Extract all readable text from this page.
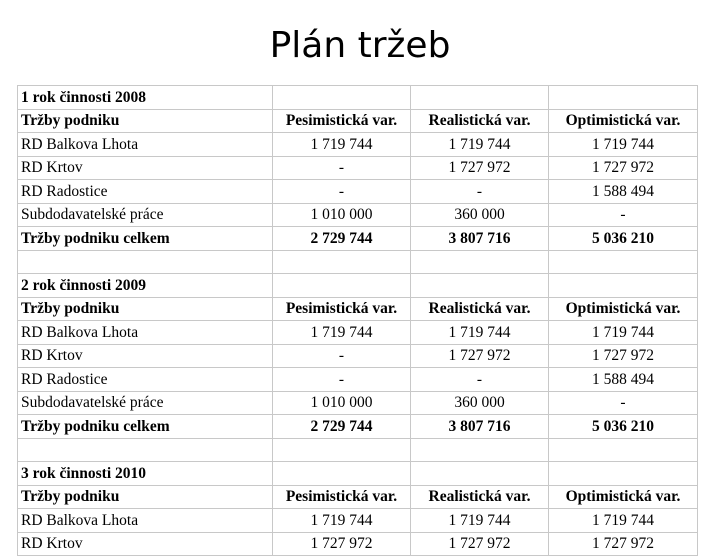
Plán tržeb
1 rok činnosti 2008			
Tržby podniku	Pesimistická var.	Realistická var.	Optimistická var.
RD Balkova Lhota	1 719 744	1 719 744	1 719 744
RD Krtov	-	1 727 972	1 727 972
RD Radostice	-	-	1 588 494
Subdodavatelské práce	1 010 000	360 000	-
Tržby podniku celkem	2 729 744	3 807 716	5 036 210

2 rok činnosti 2009			
Tržby podniku	Pesimistická var.	Realistická var.	Optimistická var.
RD Balkova Lhota	1 719 744	1 719 744	1 719 744
RD Krtov	-	1 727 972	1 727 972
RD Radostice	-	-	1 588 494
Subdodavatelské práce	1 010 000	360 000	-
Tržby podniku celkem	2 729 744	3 807 716	5 036 210

3 rok činnosti 2010			
Tržby podniku	Pesimistická var.	Realistická var.	Optimistická var.
RD Balkova Lhota	1 719 744	1 719 744	1 719 744
RD Krtov	1 727 972	1 727 972	1 727 972
